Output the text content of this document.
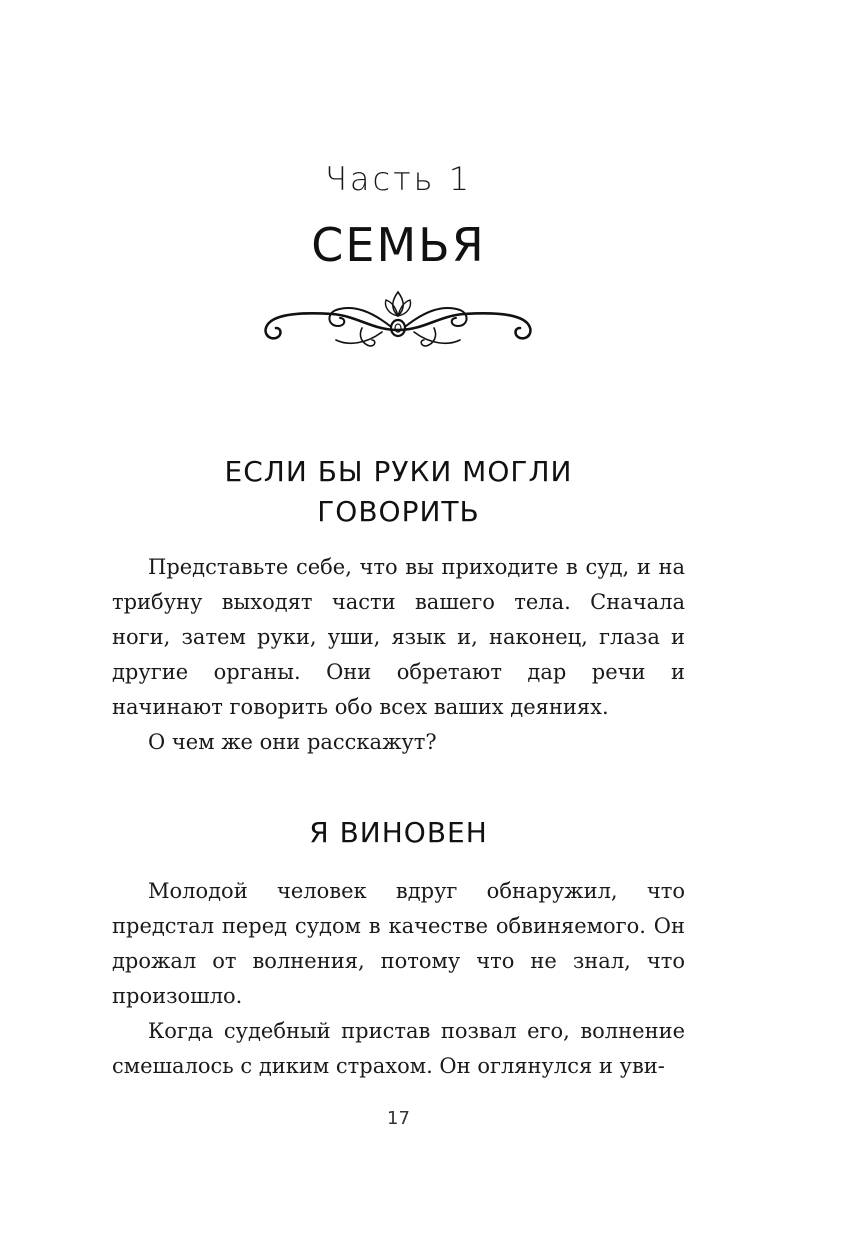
Часть 1
СЕМЬЯ
ЕСЛИ БЫ РУКИ МОГЛИ ГОВОРИТЬ

Представьте себе, что вы приходите в суд, и на трибуну выходят части вашего тела. Сначала ноги, затем руки, уши, язык и, наконец, глаза и другие органы. Они обретают дар речи и начинают говорить обо всех ваших деяниях.

О чем же они расскажут?

Я ВИНОВЕН

Молодой человек вдруг обнаружил, что предстал перед судом в качестве обвиняемого. Он дрожал от волнения, потому что не знал, что произошло.

Когда судебный пристав позвал его, волнение смешалось с диким страхом. Он оглянулся и уви-

17
